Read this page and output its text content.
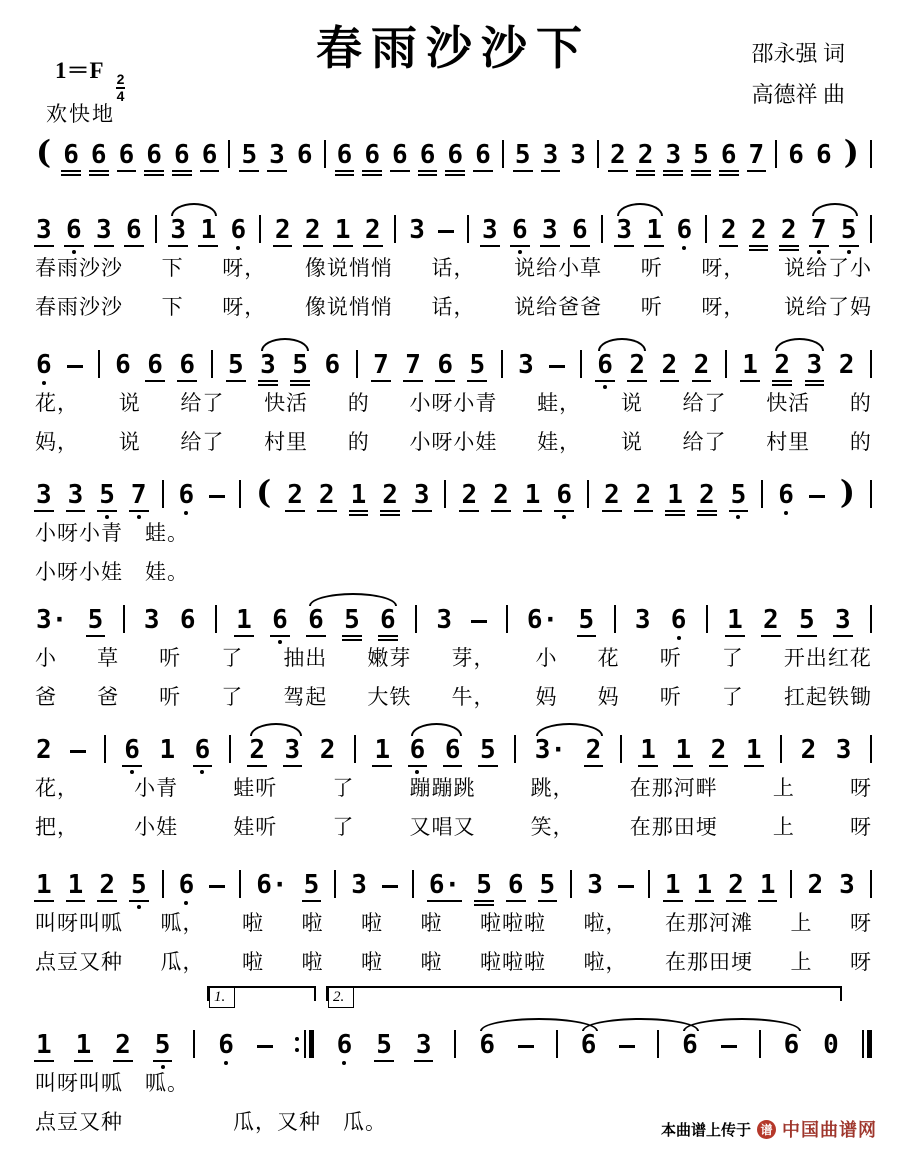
春雨沙沙下	邵永强 词
高德祥 曲
1＝F
$\frac{2}{4}$
欢快地
( 6 6 6 6 6 6 5 3 6 6 6 6 6 6 6 5 3 3 2 2 3 5 6 7 6 6 )
3 6 3 6 3 1 6 2 2 1 2 3 3 6 3 6 3 1 6 2 2 2 7 5
春雨沙沙 下 呀， 像说悄悄 话， 说给小草 听 呀， 说给了小
春雨沙沙 下 呀， 像说悄悄 话， 说给爸爸 听 呀， 说给了妈
6 6 6 6 5 3 5 6 7 7 6 5 3 6 2 2 2 1 2 3 2
花， 说 给了 快活 的 小呀小青 蛙， 说 给了 快活 的
妈， 说 给了 村里 的 小呀小娃 娃， 说 给了 村里 的
3 3 5 7 6 ( 2 2 1 2 3 2 2 1 6 2 2 1 2 5 6 )
小呀小青　蛙。
小呀小娃　娃。
3· 5 3 6 1 6 6 5 6 3	6· 5 3 6 1 2 5 3
小 草 听 了 抽出 嫩芽 芽， 小 花 听 了 开出红花
爸 爸 听 了 驾起 大铁 牛， 妈 妈 听 了 扛起铁锄
2	6 1 6 2 3 2 1 6 6 5 3· 2 1 1 2 1 2 3
花，	小青	蛙听	了	蹦蹦跳	跳，	在那河畔	上	呀
把，	小娃	娃听	了	又唱又	笑，	在那田埂	上	呀
1 1 2 5 6 6· 5 3 6· 5 6 5 3 1 1 2 1 2 3
叫呀叫呱 呱， 啦 啦 啦 啦 啦啦啦 啦， 在那河滩 上 呀
点豆又种 瓜， 啦 啦 啦 啦 啦啦啦 啦， 在那田埂 上 呀
1 1 2 5 6	6 5 3 6	6	6	6 0
1.	2.
叫呀叫呱　呱。
点豆又种　　　　　瓜，又种　瓜。	本曲谱上传于 谱 中国曲谱网
